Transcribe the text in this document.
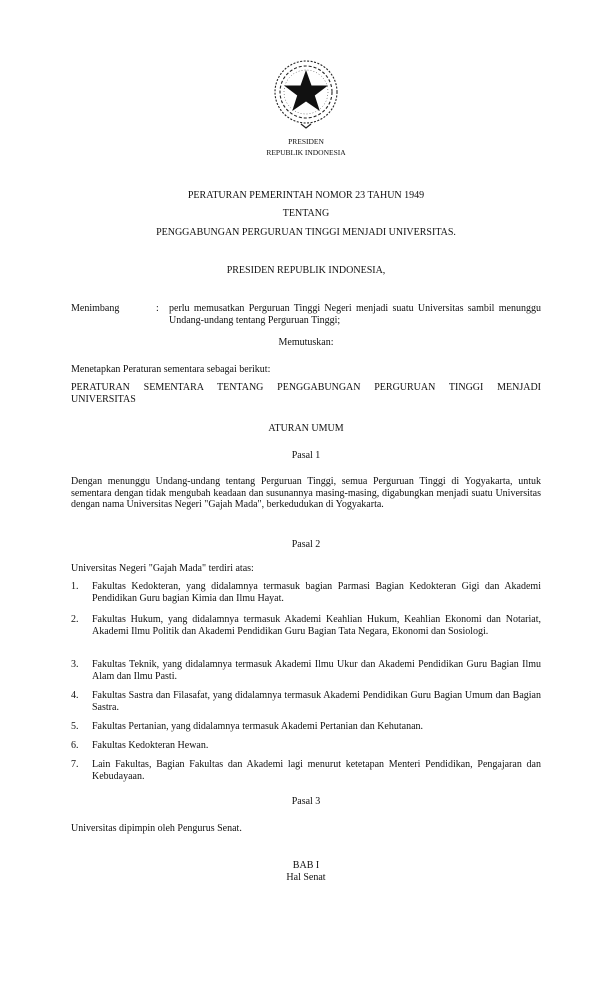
PRESIDEN
REPUBLIK INDONESIA
PERATURAN PEMERINTAH NOMOR 23 TAHUN 1949
TENTANG
PENGGABUNGAN PERGURUAN TINGGI MENJADI UNIVERSITAS.
PRESIDEN REPUBLIK INDONESIA,
Menimbang	: perlu memusatkan Perguruan Tinggi Negeri menjadi suatu Universitas sambil menunggu Undang-undang tentang Perguruan Tinggi;
Memutuskan:
Menetapkan Peraturan sementara sebagai berikut:
PERATURAN SEMENTARA TENTANG PENGGABUNGAN PERGURUAN TINGGI MENJADI UNIVERSITAS
ATURAN UMUM
Pasal 1
Dengan menunggu Undang-undang tentang Perguruan Tinggi, semua Perguruan Tinggi di Yogyakarta, untuk sementara dengan tidak mengubah keadaan dan susunannya masing-masing, digabungkan menjadi suatu Universitas dengan nama Universitas Negeri "Gajah Mada", berkedudukan di Yogyakarta.
Pasal 2
Universitas Negeri "Gajah Mada" terdiri atas:
1. Fakultas Kedokteran, yang didalamnya termasuk bagian Parmasi Bagian Kedokteran Gigi dan Akademi Pendidikan Guru bagian Kimia dan Ilmu Hayat.
2. Fakultas Hukum, yang didalamnya termasuk Akademi Keahlian Hukum, Keahlian Ekonomi dan Notariat, Akademi Ilmu Politik dan Akademi Pendidikan Guru Bagian Tata Negara, Ekonomi dan Sosiologi.
3. Fakultas Teknik, yang didalamnya termasuk Akademi Ilmu Ukur dan Akademi Pendidikan Guru Bagian Ilmu Alam dan Ilmu Pasti.
4. Fakultas Sastra dan Filasafat, yang didalamnya termasuk Akademi Pendidikan Guru Bagian Umum dan Bagian Sastra.
5. Fakultas Pertanian, yang didalamnya termasuk Akademi Pertanian dan Kehutanan.
6. Fakultas Kedokteran Hewan.
7. Lain Fakultas, Bagian Fakultas dan Akademi lagi menurut ketetapan Menteri Pendidikan, Pengajaran dan Kebudayaan.
Pasal 3
Universitas dipimpin oleh Pengurus Senat.
BAB I
Hal Senat
